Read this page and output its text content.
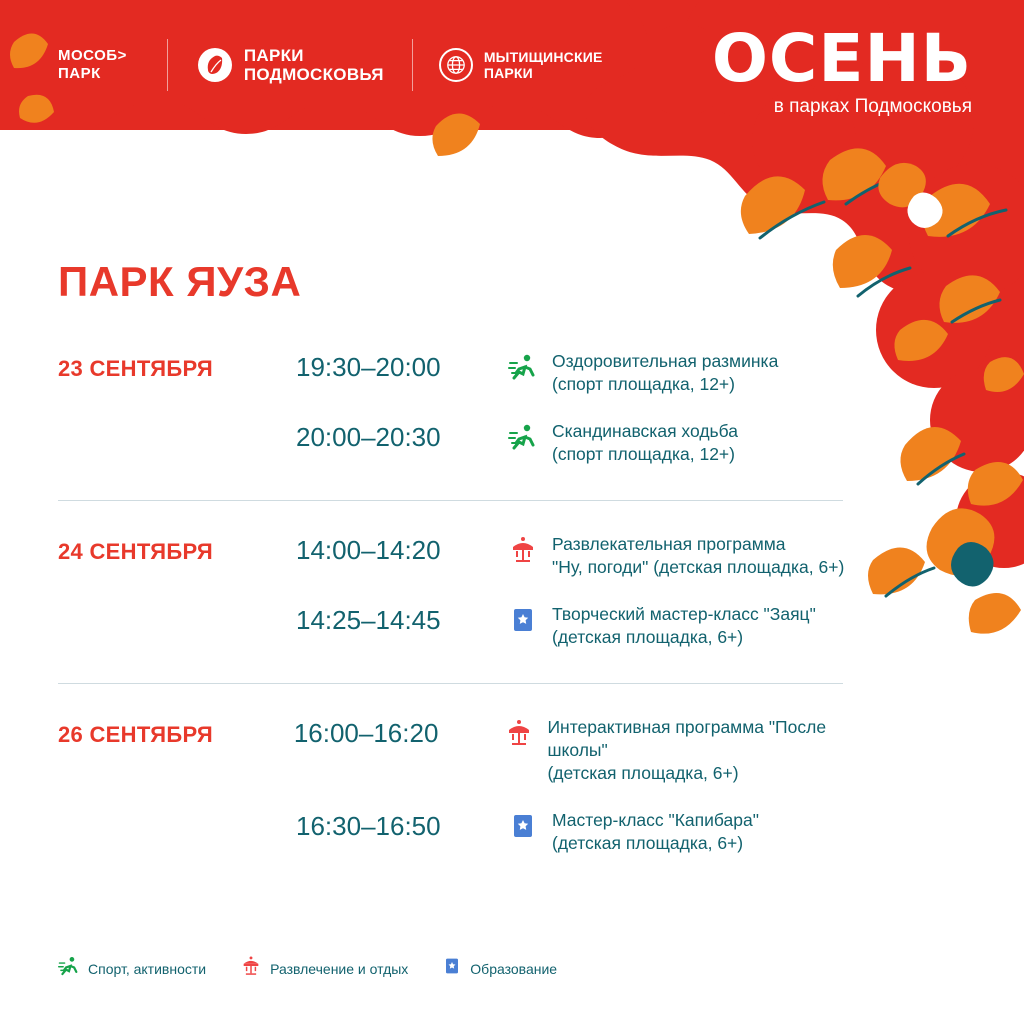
МОСОБ>
ПАРК
ПАРКИ
ПОДМОСКОВЬЯ
МЫТИЩИНСКИЕ
ПАРКИ	ОСЕНЬ
в парках Подмосковья
ПАРК ЯУЗА
23 СЕНТЯБРЯ	19:30–20:00	Оздоровительная разминка
(спорт площадка, 12+)
20:00–20:30	Скандинавская ходьба
(спорт площадка, 12+)
24 СЕНТЯБРЯ	14:00–14:20	Развлекательная программа
"Ну, погоди" (детская площадка, 6+)
14:25–14:45	Творческий мастер-класс "Заяц"
(детская площадка, 6+)
26 СЕНТЯБРЯ	16:00–16:20	Интерактивная программа "После школы"
(детская площадка, 6+)
16:30–16:50	Мастер-класс "Капибара"
(детская площадка, 6+)
Спорт, активности	Развлечение и отдых	Образование
